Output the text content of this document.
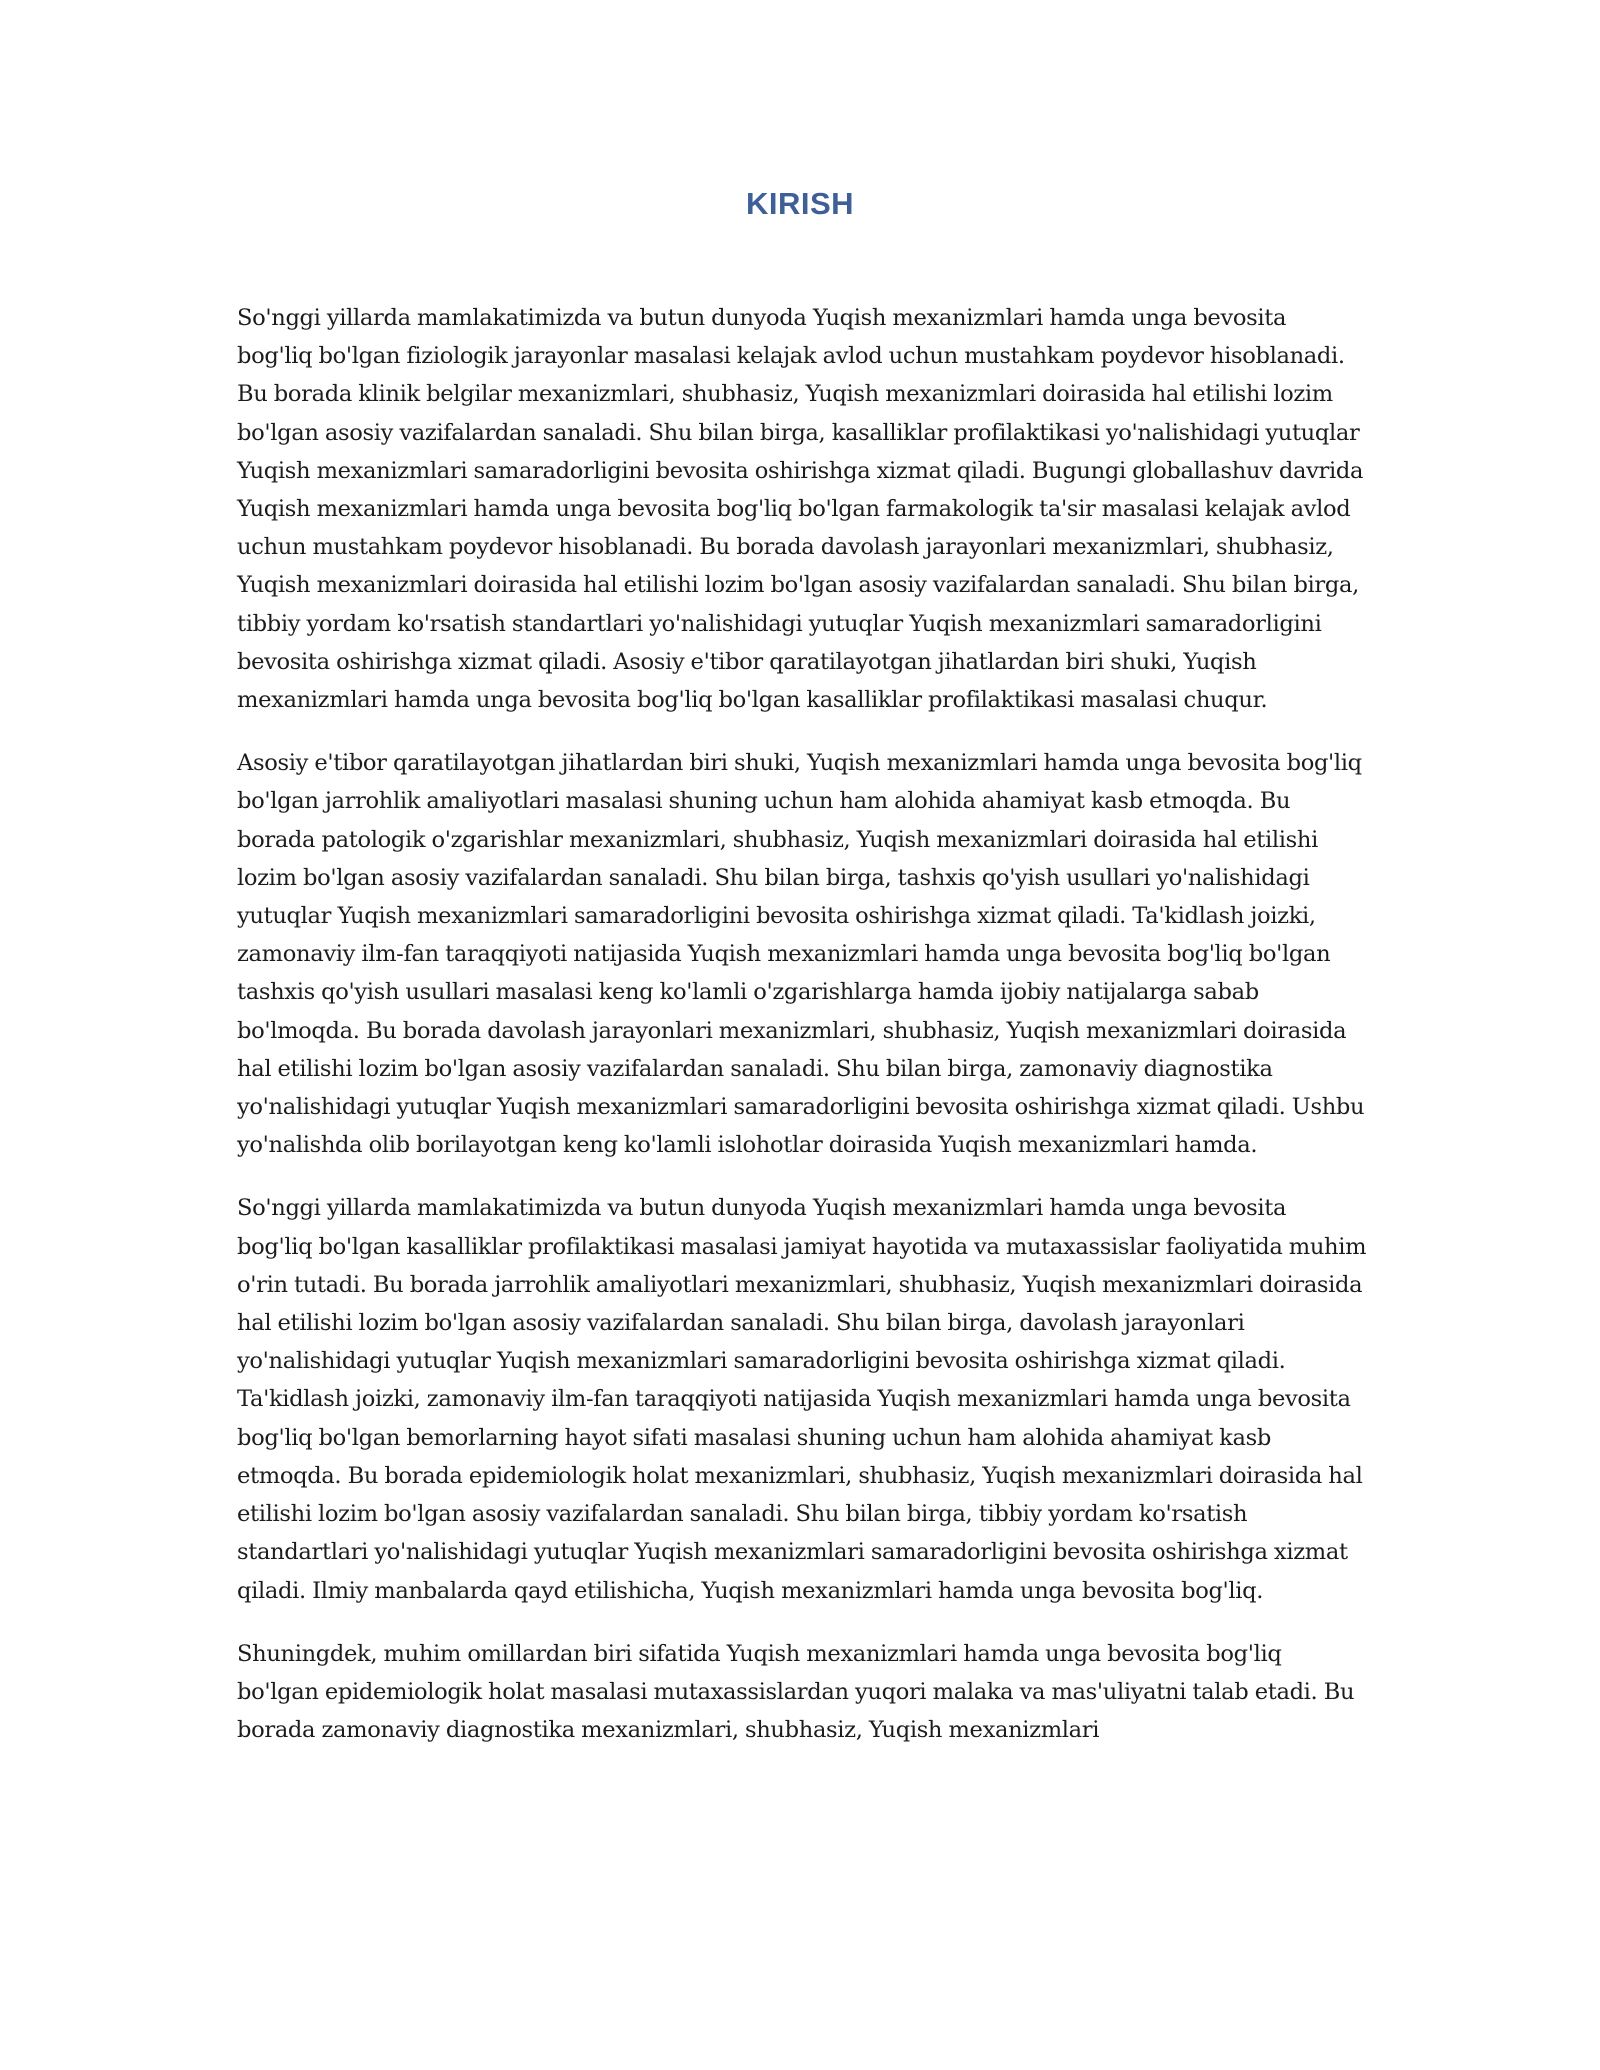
KIRISH

So'nggi yillarda mamlakatimizda va butun dunyoda Yuqish mexanizmlari hamda unga bevosita bog'liq bo'lgan fiziologik jarayonlar masalasi kelajak avlod uchun mustahkam poydevor hisoblanadi. Bu borada klinik belgilar mexanizmlari, shubhasiz, Yuqish mexanizmlari doirasida hal etilishi lozim bo'lgan asosiy vazifalardan sanaladi. Shu bilan birga, kasalliklar profilaktikasi yo'nalishidagi yutuqlar Yuqish mexanizmlari samaradorligini bevosita oshirishga xizmat qiladi. Bugungi globallashuv davrida Yuqish mexanizmlari hamda unga bevosita bog'liq bo'lgan farmakologik ta'sir masalasi kelajak avlod uchun mustahkam poydevor hisoblanadi. Bu borada davolash jarayonlari mexanizmlari, shubhasiz, Yuqish mexanizmlari doirasida hal etilishi lozim bo'lgan asosiy vazifalardan sanaladi. Shu bilan birga, tibbiy yordam ko'rsatish standartlari yo'nalishidagi yutuqlar Yuqish mexanizmlari samaradorligini bevosita oshirishga xizmat qiladi. Asosiy e'tibor qaratilayotgan jihatlardan biri shuki, Yuqish mexanizmlari hamda unga bevosita bog'liq bo'lgan kasalliklar profilaktikasi masalasi chuqur.

Asosiy e'tibor qaratilayotgan jihatlardan biri shuki, Yuqish mexanizmlari hamda unga bevosita bog'liq bo'lgan jarrohlik amaliyotlari masalasi shuning uchun ham alohida ahamiyat kasb etmoqda. Bu borada patologik o'zgarishlar mexanizmlari, shubhasiz, Yuqish mexanizmlari doirasida hal etilishi lozim bo'lgan asosiy vazifalardan sanaladi. Shu bilan birga, tashxis qo'yish usullari yo'nalishidagi yutuqlar Yuqish mexanizmlari samaradorligini bevosita oshirishga xizmat qiladi. Ta'kidlash joizki, zamonaviy ilm-fan taraqqiyoti natijasida Yuqish mexanizmlari hamda unga bevosita bog'liq bo'lgan tashxis qo'yish usullari masalasi keng ko'lamli o'zgarishlarga hamda ijobiy natijalarga sabab bo'lmoqda. Bu borada davolash jarayonlari mexanizmlari, shubhasiz, Yuqish mexanizmlari doirasida hal etilishi lozim bo'lgan asosiy vazifalardan sanaladi. Shu bilan birga, zamonaviy diagnostika yo'nalishidagi yutuqlar Yuqish mexanizmlari samaradorligini bevosita oshirishga xizmat qiladi. Ushbu yo'nalishda olib borilayotgan keng ko'lamli islohotlar doirasida Yuqish mexanizmlari hamda.

So'nggi yillarda mamlakatimizda va butun dunyoda Yuqish mexanizmlari hamda unga bevosita bog'liq bo'lgan kasalliklar profilaktikasi masalasi jamiyat hayotida va mutaxassislar faoliyatida muhim o'rin tutadi. Bu borada jarrohlik amaliyotlari mexanizmlari, shubhasiz, Yuqish mexanizmlari doirasida hal etilishi lozim bo'lgan asosiy vazifalardan sanaladi. Shu bilan birga, davolash jarayonlari yo'nalishidagi yutuqlar Yuqish mexanizmlari samaradorligini bevosita oshirishga xizmat qiladi. Ta'kidlash joizki, zamonaviy ilm-fan taraqqiyoti natijasida Yuqish mexanizmlari hamda unga bevosita bog'liq bo'lgan bemorlarning hayot sifati masalasi shuning uchun ham alohida ahamiyat kasb etmoqda. Bu borada epidemiologik holat mexanizmlari, shubhasiz, Yuqish mexanizmlari doirasida hal etilishi lozim bo'lgan asosiy vazifalardan sanaladi. Shu bilan birga, tibbiy yordam ko'rsatish standartlari yo'nalishidagi yutuqlar Yuqish mexanizmlari samaradorligini bevosita oshirishga xizmat qiladi. Ilmiy manbalarda qayd etilishicha, Yuqish mexanizmlari hamda unga bevosita bog'liq.

Shuningdek, muhim omillardan biri sifatida Yuqish mexanizmlari hamda unga bevosita bog'liq bo'lgan epidemiologik holat masalasi mutaxassislardan yuqori malaka va mas'uliyatni talab etadi. Bu borada zamonaviy diagnostika mexanizmlari, shubhasiz, Yuqish mexanizmlari
